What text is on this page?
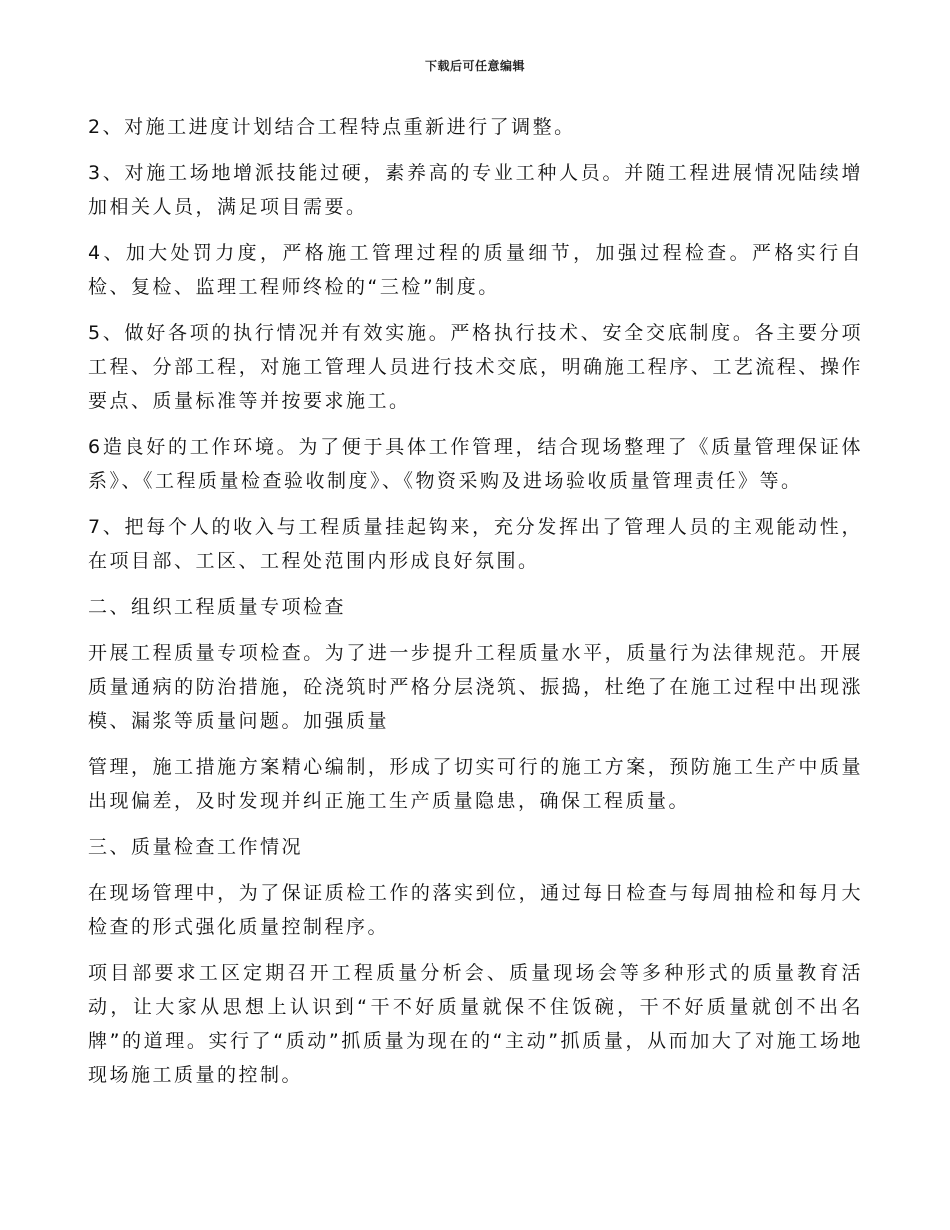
下载后可任意编辑

2、对施工进度计划结合工程特点重新进行了调整。

3、对施工场地增派技能过硬，素养高的专业工种人员。并随工程进展情况陆续增加相关人员，满足项目需要。

4、加大处罚力度，严格施工管理过程的质量细节，加强过程检查。严格实行自检、复检、监理工程师终检的“三检”制度。

5、做好各项的执行情况并有效实施。严格执行技术、安全交底制度。各主要分项工程、分部工程，对施工管理人员进行技术交底，明确施工程序、工艺流程、操作要点、质量标准等并按要求施工。

6造良好的工作环境。为了便于具体工作管理，结合现场整理了《质量管理保证体系》、《工程质量检查验收制度》、《物资采购及进场验收质量管理责任》等。

7、把每个人的收入与工程质量挂起钩来，充分发挥出了管理人员的主观能动性，在项目部、工区、工程处范围内形成良好氛围。

二、组织工程质量专项检查

开展工程质量专项检查。为了进一步提升工程质量水平，质量行为法律规范。开展质量通病的防治措施，砼浇筑时严格分层浇筑、振捣，杜绝了在施工过程中出现涨模、漏浆等质量问题。加强质量

管理，施工措施方案精心编制，形成了切实可行的施工方案，预防施工生产中质量出现偏差，及时发现并纠正施工生产质量隐患，确保工程质量。

三、质量检查工作情况

在现场管理中，为了保证质检工作的落实到位，通过每日检查与每周抽检和每月大检查的形式强化质量控制程序。

项目部要求工区定期召开工程质量分析会、质量现场会等多种形式的质量教育活动，让大家从思想上认识到“干不好质量就保不住饭碗，干不好质量就创不出名牌”的道理。实行了“质动”抓质量为现在的“主动”抓质量，从而加大了对施工场地现场施工质量的控制。
